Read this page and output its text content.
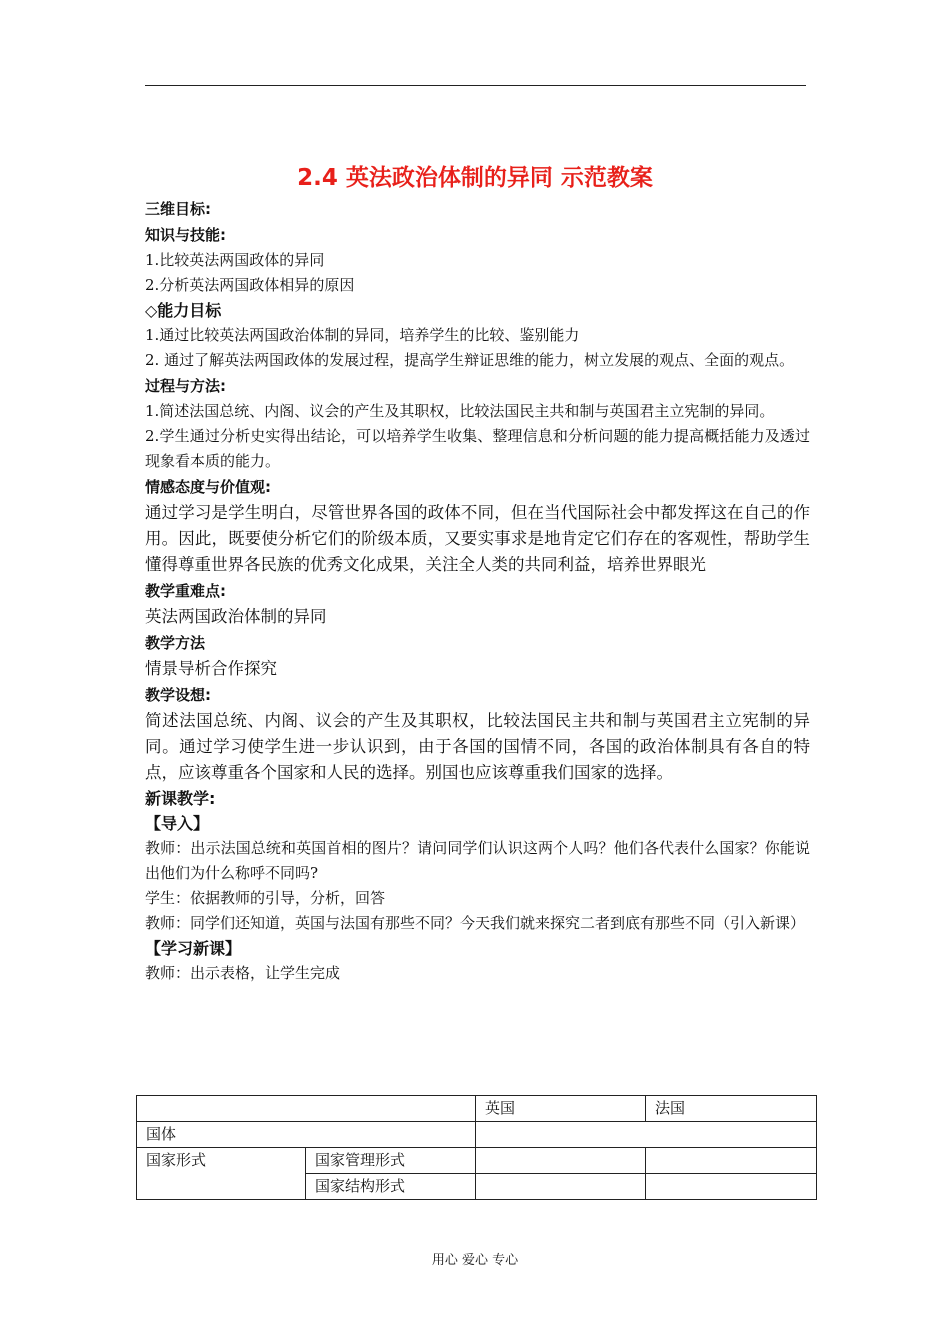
2.4 英法政治体制的异同 示范教案
三维目标:
知识与技能:
1.比较英法两国政体的异同
2.分析英法两国政体相异的原因
◇能力目标
1.通过比较英法两国政治体制的异同，培养学生的比较、鉴别能力
2. 通过了解英法两国政体的发展过程，提高学生辩证思维的能力，树立发展的观点、全面的观点。
过程与方法:
1.简述法国总统、内阁、议会的产生及其职权，比较法国民主共和制与英国君主立宪制的异同。
2.学生通过分析史实得出结论，可以培养学生收集、整理信息和分析问题的能力提高概括能力及透过现象看本质的能力。
情感态度与价值观:
通过学习是学生明白，尽管世界各国的政体不同，但在当代国际社会中都发挥这在自己的作用。因此，既要使分析它们的阶级本质，又要实事求是地肯定它们存在的客观性，帮助学生懂得尊重世界各民族的优秀文化成果，关注全人类的共同利益，培养世界眼光
教学重难点:
英法两国政治体制的异同
教学方法
情景导析合作探究
教学设想:
简述法国总统、内阁、议会的产生及其职权，比较法国民主共和制与英国君主立宪制的异同。通过学习使学生进一步认识到，由于各国的国情不同，各国的政治体制具有各自的特点，应该尊重各个国家和人民的选择。别国也应该尊重我们国家的选择。
新课教学:
【导入】
教师：出示法国总统和英国首相的图片？请问同学们认识这两个人吗？他们各代表什么国家？你能说出他们为什么称呼不同吗?
学生：依据教师的引导，分析，回答
教师：同学们还知道，英国与法国有那些不同？今天我们就来探究二者到底有那些不同（引入新课）
【学习新课】
教师：出示表格，让学生完成
		英国	法国
国体			
国家形式	国家管理形式		
	国家结构形式		
用心 爱心 专心
